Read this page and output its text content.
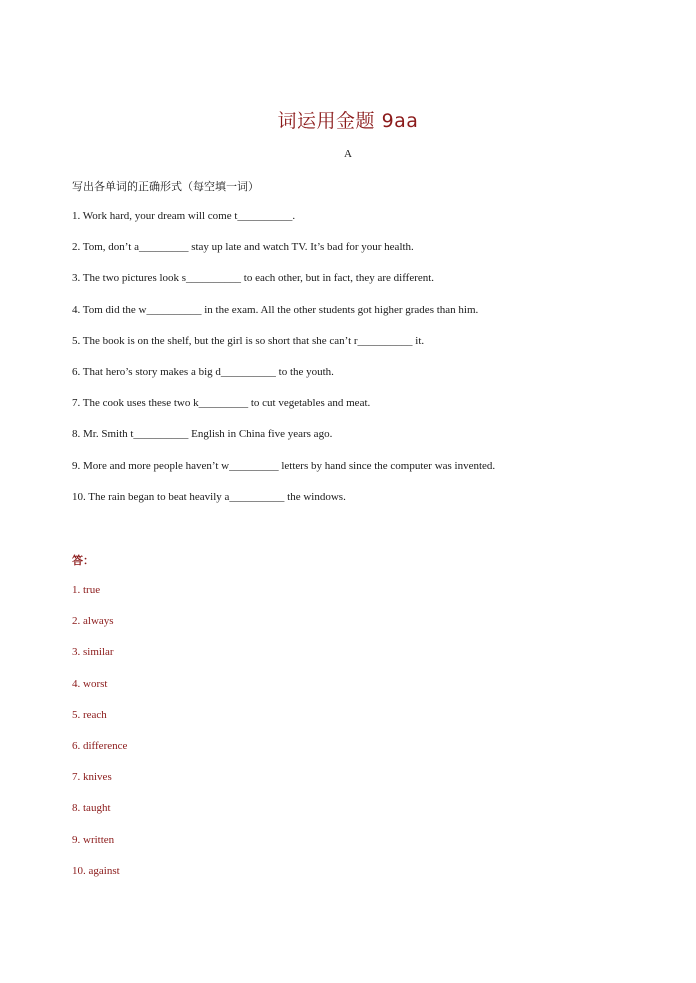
词运用金题 9aa
A
写出各单词的正确形式（每空填一词）
1. Work hard, your dream will come t__________.
2. Tom, don’t a_________ stay up late and watch TV. It’s bad for your health.
3. The two pictures look s__________ to each other, but in fact, they are different.
4. Tom did the w__________ in the exam. All the other students got higher grades than him.
5. The book is on the shelf, but the girl is so short that she can’t r__________ it.
6. That hero’s story makes a big d__________ to the youth.
7. The cook uses these two k_________ to cut vegetables and meat.
8. Mr. Smith t__________ English in China five years ago.
9. More and more people haven’t w_________ letters by hand since the computer was invented.
10. The rain began to beat heavily a__________ the windows.
答：
1. true
2. always
3. similar
4. worst
5. reach
6. difference
7. knives
8. taught
9. written
10. against
